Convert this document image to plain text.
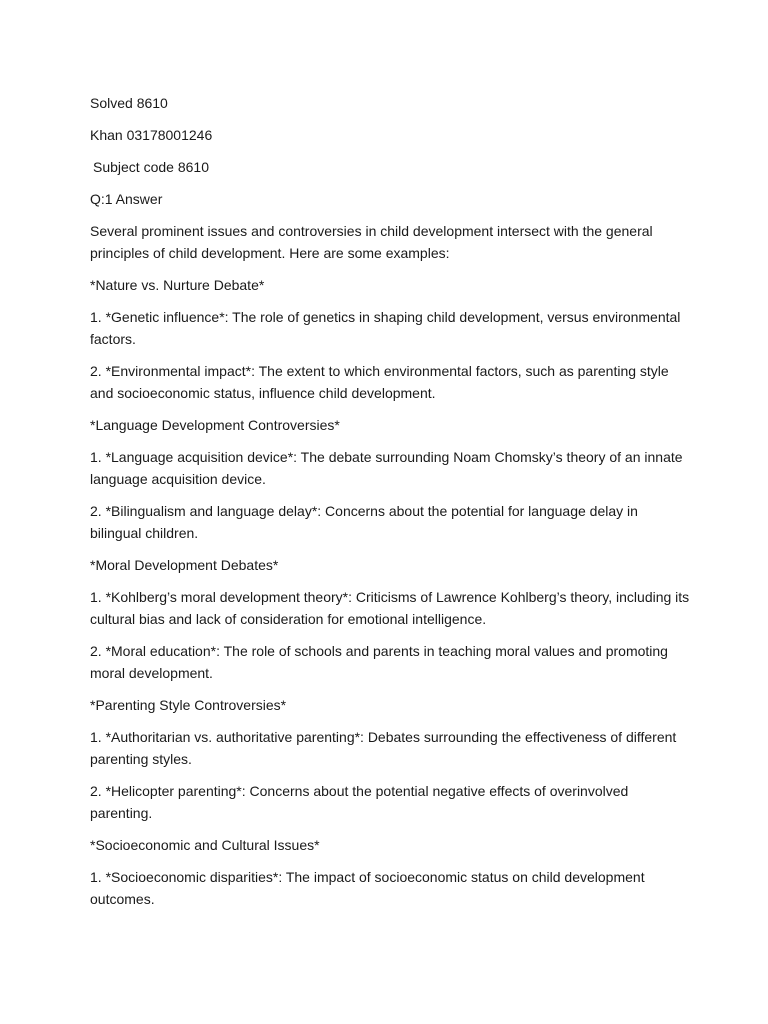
Solved 8610

Khan 03178001246

Subject code 8610

Q:1 Answer

Several prominent issues and controversies in child development intersect with the general principles of child development. Here are some examples:

*Nature vs. Nurture Debate*

1. *Genetic influence*: The role of genetics in shaping child development, versus environmental factors.

2. *Environmental impact*: The extent to which environmental factors, such as parenting style and socioeconomic status, influence child development.

*Language Development Controversies*

1. *Language acquisition device*: The debate surrounding Noam Chomsky’s theory of an innate language acquisition device.

2. *Bilingualism and language delay*: Concerns about the potential for language delay in bilingual children.

*Moral Development Debates*

1. *Kohlberg’s moral development theory*: Criticisms of Lawrence Kohlberg’s theory, including its cultural bias and lack of consideration for emotional intelligence.

2. *Moral education*: The role of schools and parents in teaching moral values and promoting moral development.

*Parenting Style Controversies*

1. *Authoritarian vs. authoritative parenting*: Debates surrounding the effectiveness of different parenting styles.

2. *Helicopter parenting*: Concerns about the potential negative effects of overinvolved parenting.

*Socioeconomic and Cultural Issues*

1. *Socioeconomic disparities*: The impact of socioeconomic status on child development outcomes.
